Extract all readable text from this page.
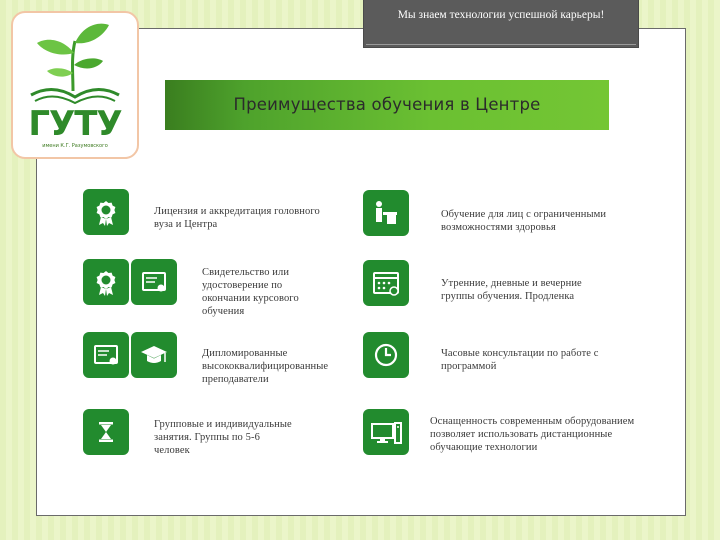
ГУТУ
имени К.Г. Разумовского
Мы знаем технологии успешной карьеры!
Преимущества обучения в Центре
Лицензия и аккредитация головного вуза и Центра
Свидетельство или удостоверение по окончании курсового обучения
Дипломированные высококвалифицированные преподаватели
Групповые и индивидуальные занятия. Группы по 5-6 человек
Обучение для лиц с ограниченными возможностями здоровья
Утренние, дневные и вечерние группы обучения. Продленка
Часовые консультации по работе с программой
Оснащенность современным оборудованием позволяет использовать дистанционные обучающие технологии
